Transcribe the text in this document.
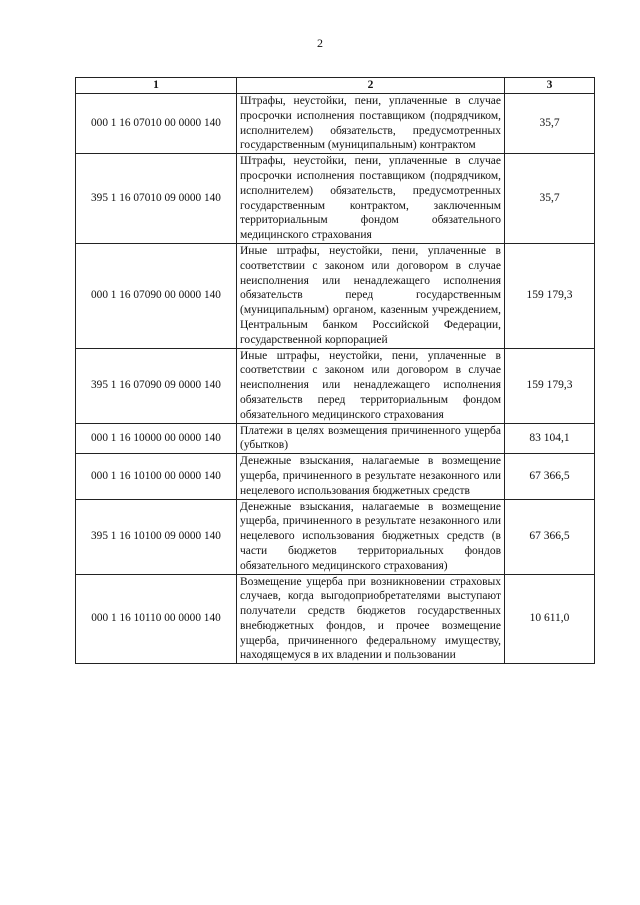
2
1	2	3
000 1 16 07010 00 0000 140	Штрафы, неустойки, пени, уплаченные в случае просрочки исполнения поставщиком (подрядчиком, исполнителем) обязательств, предусмотренных государственным (муниципальным) контрактом	35,7
395 1 16 07010 09 0000 140	Штрафы, неустойки, пени, уплаченные в случае просрочки исполнения поставщиком (подрядчиком, исполнителем) обязательств, предусмотренных государственным контрактом, заключенным территориальным фондом обязательного медицинского страхования	35,7
000 1 16 07090 00 0000 140	Иные штрафы, неустойки, пени, уплаченные в соответствии с законом или договором в случае неисполнения или ненадлежащего исполнения обязательств перед государственным (муниципальным) органом, казенным учреждением, Центральным банком Российской Федерации, государственной корпорацией	159 179,3
395 1 16 07090 09 0000 140	Иные штрафы, неустойки, пени, уплаченные в соответствии с законом или договором в случае неисполнения или ненадлежащего исполнения обязательств перед территориальным фондом обязательного медицинского страхования	159 179,3
000 1 16 10000 00 0000 140	Платежи в целях возмещения причиненного ущерба (убытков)	83 104,1
000 1 16 10100 00 0000 140	Денежные взыскания, налагаемые в возмещение ущерба, причиненного в результате незаконного или нецелевого использования бюджетных средств	67 366,5
395 1 16 10100 09 0000 140	Денежные взыскания, налагаемые в возмещение ущерба, причиненного в результате незаконного или нецелевого использования бюджетных средств (в части бюджетов территориальных фондов обязательного медицинского страхования)	67 366,5
000 1 16 10110 00 0000 140	Возмещение ущерба при возникновении страховых случаев, когда выгодоприобретателями выступают получатели средств бюджетов государственных внебюджетных фондов, и прочее возмещение ущерба, причиненного федеральному имуществу, находящемуся в их владении и пользовании	10 611,0
